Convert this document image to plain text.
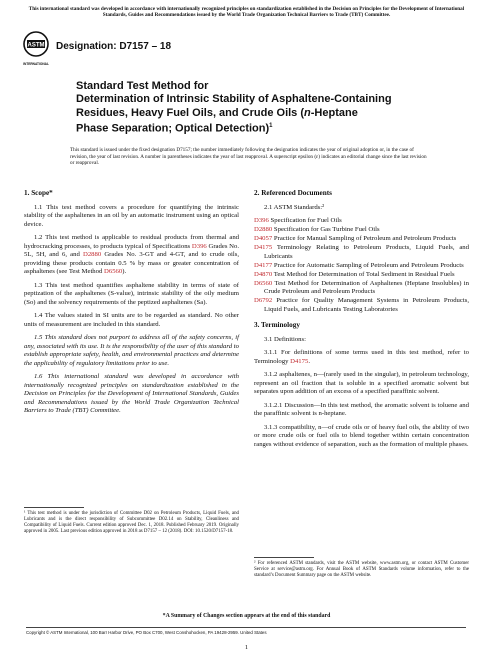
This international standard was developed in accordance with internationally recognized principles on standardization established in the Decision on Principles for the Development of International Standards, Guides and Recommendations issued by the World Trade Organization Technical Barriers to Trade (TBT) Committee.
ASTM
INTERNATIONAL
Designation: D7157 – 18
Standard Test Method for
Determination of Intrinsic Stability of Asphaltene-Containing
Residues, Heavy Fuel Oils, and Crude Oils (n-Heptane
Phase Separation; Optical Detection)$^1$
This standard is issued under the fixed designation D7157; the number immediately following the designation indicates the year of original adoption or, in the case of revision, the year of last revision. A number in parentheses indicates the year of last reapproval. A superscript epsilon (ε) indicates an editorial change since the last revision or reapproval.
1. Scope*

1.1 This test method covers a procedure for quantifying the intrinsic stability of the asphaltenes in an oil by an automatic instrument using an optical device.

1.2 This test method is applicable to residual products from thermal and hydrocracking processes, to products typical of Specifications D396 Grades No. 5L, 5H, and 6, and D2880 Grades No. 3-GT and 4-GT, and to crude oils, providing these products contain 0.5 % by mass or greater concentration of asphaltenes (see Test Method D6560).

1.3 This test method quantifies asphaltene stability in terms of state of peptization of the asphaltenes (S-value), intrinsic stability of the oily medium (So) and the solvency requirements of the peptized asphaltenes (Sa).

1.4 The values stated in SI units are to be regarded as standard. No other units of measurement are included in this standard.

1.5 This standard does not purport to address all of the safety concerns, if any, associated with its use. It is the responsibility of the user of this standard to establish appropriate safety, health, and environmental practices and determine the applicability of regulatory limitations prior to use.

1.6 This international standard was developed in accordance with internationally recognized principles on standardization established in the Decision on Principles for the Development of International Standards, Guides and Recommendations issued by the World Trade Organization Technical Barriers to Trade (TBT) Committee.

¹ This test method is under the jurisdiction of Committee D02 on Petroleum Products, Liquid Fuels, and Lubricants and is the direct responsibility of Subcommittee D02.14 on Stability, Cleanliness and Compatibility of Liquid Fuels. Current edition approved Dec. 1, 2018. Published February 2019. Originally approved in 2005. Last previous edition approved in 2018 as D7157 – 12 (2018). DOI: 10.1520/D7157-18.
2. Referenced Documents

2.1 ASTM Standards:²

D396 Specification for Fuel Oils
D2880 Specification for Gas Turbine Fuel Oils
D4057 Practice for Manual Sampling of Petroleum and Petroleum Products
D4175 Terminology Relating to Petroleum Products, Liquid Fuels, and Lubricants
D4177 Practice for Automatic Sampling of Petroleum and Petroleum Products
D4870 Test Method for Determination of Total Sediment in Residual Fuels
D6560 Test Method for Determination of Asphaltenes (Heptane Insolubles) in Crude Petroleum and Petroleum Products
D6792 Practice for Quality Management Systems in Petroleum Products, Liquid Fuels, and Lubricants Testing Laboratories
3. Terminology

3.1 Definitions:

3.1.1 For definitions of some terms used in this test method, refer to Terminology D4175.

3.1.2 asphaltenes, n—(rarely used in the singular), in petroleum technology, represent an oil fraction that is soluble in a specified aromatic solvent but separates upon addition of an excess of a specified paraffinic solvent.

3.1.2.1 Discussion—In this test method, the aromatic solvent is toluene and the paraffinic solvent is n-heptane.

3.1.3 compatibility, n—of crude oils or of heavy fuel oils, the ability of two or more crude oils or fuel oils to blend together within certain concentration ranges without evidence of separation, such as the formation of multiple phases.

² For referenced ASTM standards, visit the ASTM website, www.astm.org, or contact ASTM Customer Service at service@astm.org. For Annual Book of ASTM Standards volume information, refer to the standard’s Document Summary page on the ASTM website.
*A Summary of Changes section appears at the end of this standard
Copyright © ASTM International, 100 Barr Harbor Drive, PO Box C700, West Conshohocken, PA 19428-2959. United States
1
